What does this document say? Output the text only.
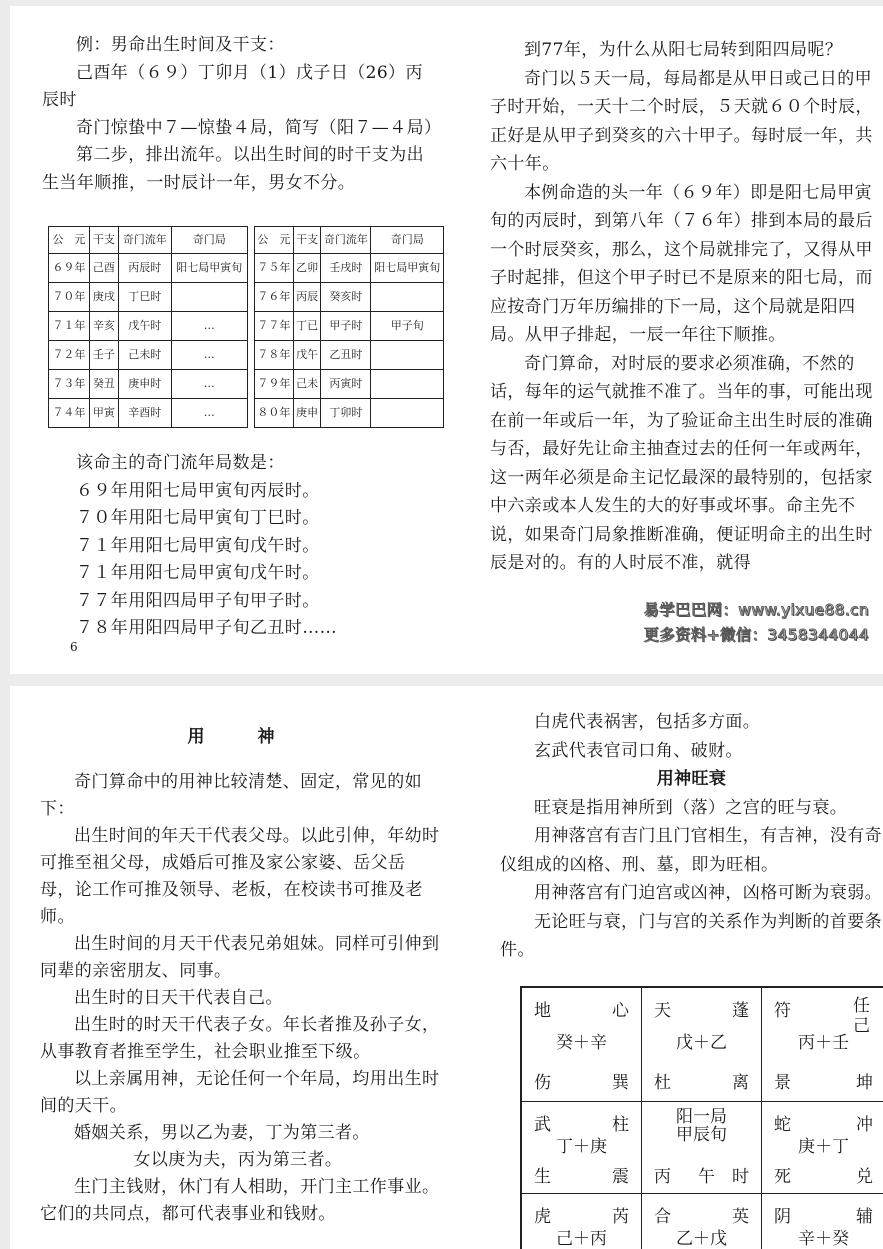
例：男命出生时间及干支：

己酉年（６９）丁卯月（1）戊子日（26）丙辰时

奇门惊蛰中７—惊蛰４局，简写（阳７—４局）

第二步，排出流年。以出生时间的时干支为出生当年顺推，一时辰计一年，男女不分。

公　元	干支	奇门流年	奇门局
６９年	己酉	丙辰时	阳七局甲寅旬
７０年	庚戌	丁巳时	
７１年	辛亥	戊午时	…
７２年	壬子	己未时	…
７３年	癸丑	庚申时	…
７４年	甲寅	辛酉时	…
公　元	干支	奇门流年	奇门局
７５年	乙卯	壬戌时	阳七局甲寅旬
７６年	丙辰	癸亥时	
７７年	丁已	甲子时	甲子旬
７８年	戊午	乙丑时	
７９年	己未	丙寅时	
８０年	庚申	丁卯时	

该命主的奇门流年局数是：

６９年用阳七局甲寅旬丙辰时。

７０年用阳七局甲寅旬丁巳时。

７１年用阳七局甲寅旬戊午时。

７１年用阳七局甲寅旬戊午时。

７７年用阳四局甲子旬甲子时。

７８年用阳四局甲子旬乙丑时……

6

到77年，为什么从阳七局转到阳四局呢？

奇门以５天一局，每局都是从甲日或己日的甲子时开始，一天十二个时辰，５天就６０个时辰，正好是从甲子到癸亥的六十甲子。每时辰一年，共六十年。

本例命造的头一年（６９年）即是阳七局甲寅旬的丙辰时，到第八年（７６年）排到本局的最后一个时辰癸亥，那么，这个局就排完了，又得从甲子时起排，但这个甲子时已不是原来的阳七局，而应按奇门万年历编排的下一局，这个局就是阳四局。从甲子排起，一辰一年往下顺推。

奇门算命，对时辰的要求必须准确，不然的话，每年的运气就推不准了。当年的事，可能出现在前一年或后一年，为了验证命主出生时辰的准确与否，最好先让命主抽查过去的任何一年或两年，这一两年必须是命主记忆最深的最特别的，包括家中六亲或本人发生的大的好事或坏事。命主先不说，如果奇门局象推断准确，便证明命主的出生时辰是对的。有的人时辰不准，就得

易学巴巴网：www.yixue88.cn
更多资料+微信：3458344044

用　神

奇门算命中的用神比较清楚、固定，常见的如下：

出生时间的年天干代表父母。以此引伸，年幼时可推至祖父母，成婚后可推及家公家婆、岳父岳母，论工作可推及领导、老板，在校读书可推及老师。

出生时间的月天干代表兄弟姐妹。同样可引伸到同辈的亲密朋友、同事。

出生时的日天干代表自己。

出生时的时天干代表子女。年长者推及孙子女，从事教育者推至学生，社会职业推至下级。

以上亲属用神，无论任何一个年局，均用出生时间的天干。

婚姻关系，男以乙为妻，丁为第三者。

女以庚为夫，丙为第三者。

生门主钱财，休门有人相助，开门主工作事业。它们的共同点，都可代表事业和钱财。

白虎代表祸害，包括多方面。

玄武代表官司口角、破财。

用神旺衰

旺衰是指用神所到（落）之宫的旺与衰。

用神落宫有吉门且门官相生，有吉神，没有奇仪组成的凶格、刑、墓，即为旺相。

用神落宫有门迫宫或凶神，凶格可断为衰弱。

无论旺与衰，门与宫的关系作为判断的首要条件。

地	心
癸＋辛
伤	巽
天	蓬
戊＋乙
杜	离
符	任己
丙＋壬
景	坤
武	柱
丁＋庚
生	震
阳一局甲辰旬
丙 午　时
蛇	冲
庚＋丁
死	兑
虎	芮
己＋丙
合	英
乙＋戊
阴	辅
辛＋癸
